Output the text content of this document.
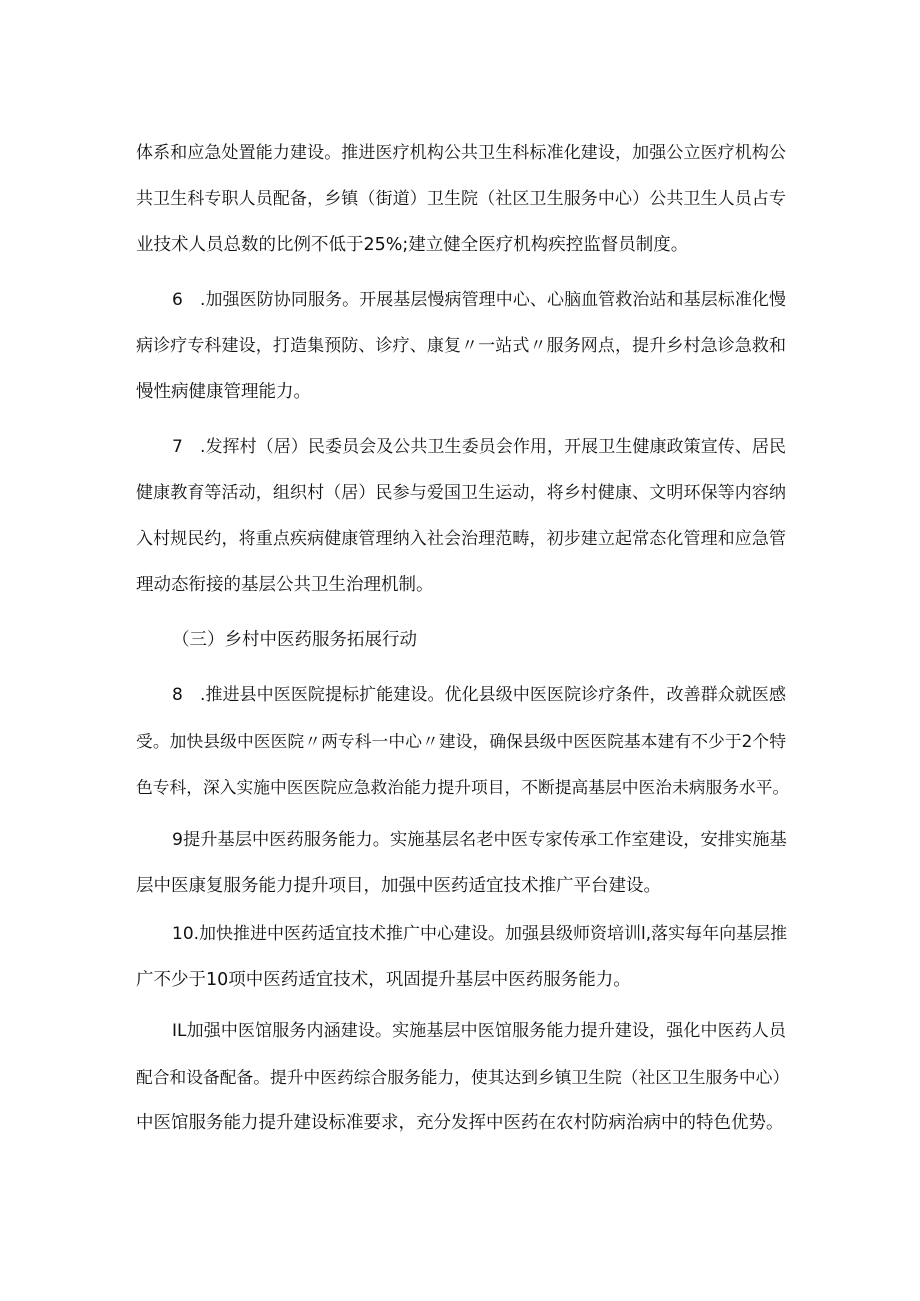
体系和应急处置能力建设。推进医疗机构公共卫生科标准化建设，加强公立医疗机构公
共卫生科专职人员配备，乡镇（街道）卫生院（社区卫生服务中心）公共卫生人员占专
业技术人员总数的比例不低于25%;建立健全医疗机构疾控监督员制度。
6　.加强医防协同服务。开展基层慢病管理中心、心脑血管救治站和基层标准化慢
病诊疗专科建设，打造集预防、诊疗、康复〃一站式〃服务网点，提升乡村急诊急救和
慢性病健康管理能力。
7　.发挥村（居）民委员会及公共卫生委员会作用，开展卫生健康政策宣传、居民
健康教育等活动，组织村（居）民参与爱国卫生运动，将乡村健康、文明环保等内容纳
入村规民约，将重点疾病健康管理纳入社会治理范畴，初步建立起常态化管理和应急管
理动态衔接的基层公共卫生治理机制。
（三）乡村中医药服务拓展行动
8　.推进县中医医院提标扩能建设。优化县级中医医院诊疗条件，改善群众就医感
受。加快县级中医医院〃两专科一中心〃建设，确保县级中医医院基本建有不少于2个特
色专科，深入实施中医医院应急救治能力提升项目，不断提高基层中医治未病服务水平。
9提升基层中医药服务能力。实施基层名老中医专家传承工作室建设，安排实施基
层中医康复服务能力提升项目，加强中医药适宜技术推广平台建设。
10.加快推进中医药适宜技术推广中心建设。加强县级师资培训l,落实每年向基层推
广不少于10项中医药适宜技术，巩固提升基层中医药服务能力。
IL加强中医馆服务内涵建设。实施基层中医馆服务能力提升建设，强化中医药人员
配合和设备配备。提升中医药综合服务能力，使其达到乡镇卫生院（社区卫生服务中心）
中医馆服务能力提升建设标准要求，充分发挥中医药在农村防病治病中的特色优势。
